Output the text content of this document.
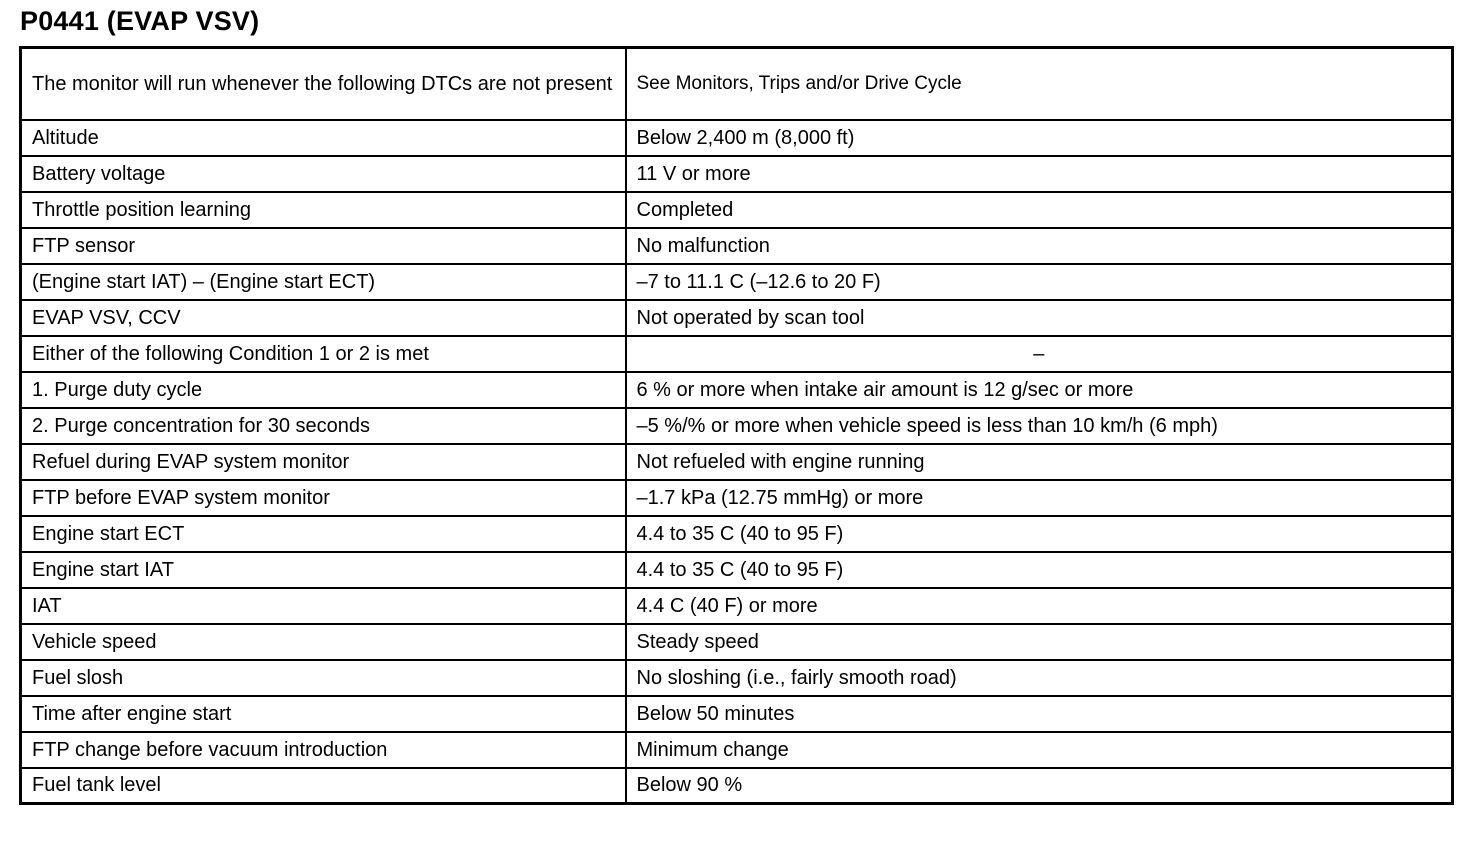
P0441 (EVAP VSV)
The monitor will run whenever the following DTCs are not present	See Monitors, Trips and/or Drive Cycle
Altitude	Below 2,400 m (8,000 ft)
Battery voltage	11 V or more
Throttle position learning	Completed
FTP sensor	No malfunction
(Engine start IAT) – (Engine start ECT)	–7 to 11.1 C (–12.6 to 20 F)
EVAP VSV, CCV	Not operated by scan tool
Either of the following Condition 1 or 2 is met	–
1. Purge duty cycle	6 % or more when intake air amount is 12 g/sec or more
2. Purge concentration for 30 seconds	–5 %/% or more when vehicle speed is less than 10 km/h (6 mph)
Refuel during EVAP system monitor	Not refueled with engine running
FTP before EVAP system monitor	–1.7 kPa (12.75 mmHg) or more
Engine start ECT	4.4 to 35 C (40 to 95 F)
Engine start IAT	4.4 to 35 C (40 to 95 F)
IAT	4.4 C (40 F) or more
Vehicle speed	Steady speed
Fuel slosh	No sloshing (i.e., fairly smooth road)
Time after engine start	Below 50 minutes
FTP change before vacuum introduction	Minimum change
Fuel tank level	Below 90 %
